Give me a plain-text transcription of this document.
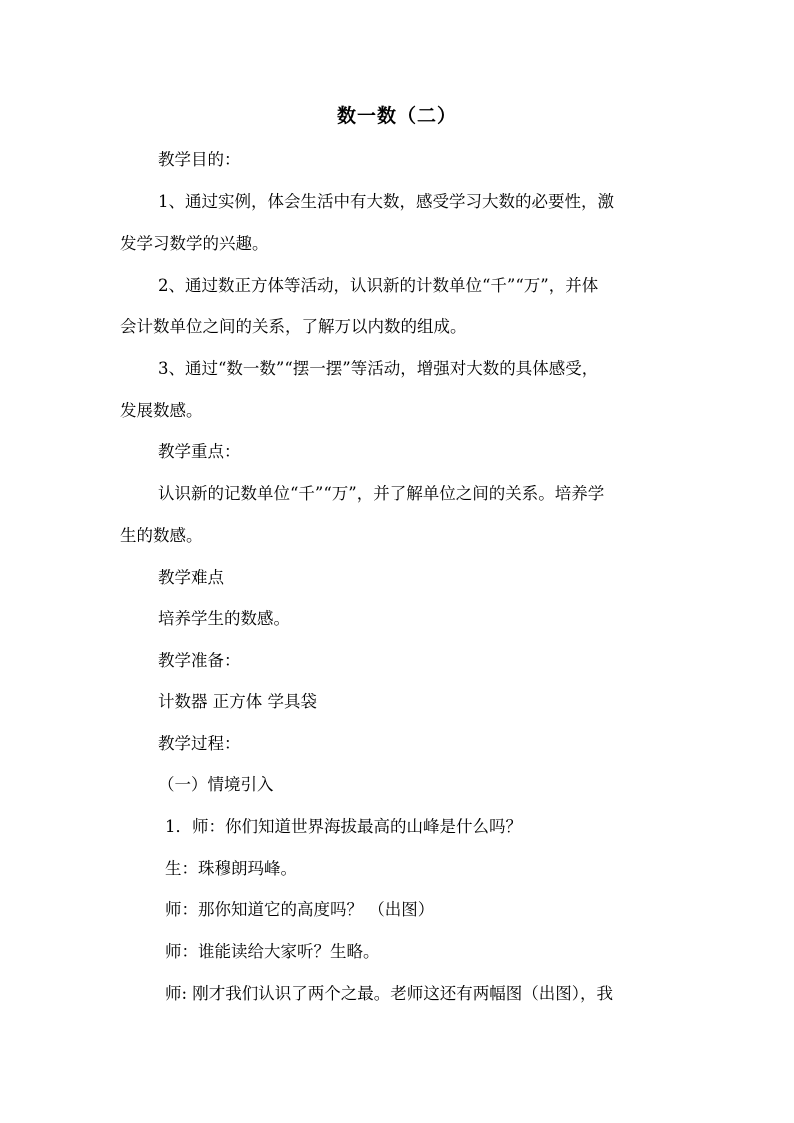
数一数（二）
教学目的：
1、通过实例，体会生活中有大数，感受学习大数的必要性，激
发学习数学的兴趣。
2、通过数正方体等活动，认识新的计数单位“千”“万”，并体
会计数单位之间的关系，了解万以内数的组成。
3、通过“数一数”“摆一摆”等活动，增强对大数的具体感受，
发展数感。
教学重点：
认识新的记数单位“千”“万”，并了解单位之间的关系。培养学
生的数感。
教学难点
培养学生的数感。
教学准备：
计数器 正方体 学具袋
教学过程：
（一）情境引入
1．师：你们知道世界海拔最高的山峰是什么吗？
生：珠穆朗玛峰。
师：那你知道它的高度吗？ （出图）
师：谁能读给大家听？生略。
师: 刚才我们认识了两个之最。老师这还有两幅图（出图），我
